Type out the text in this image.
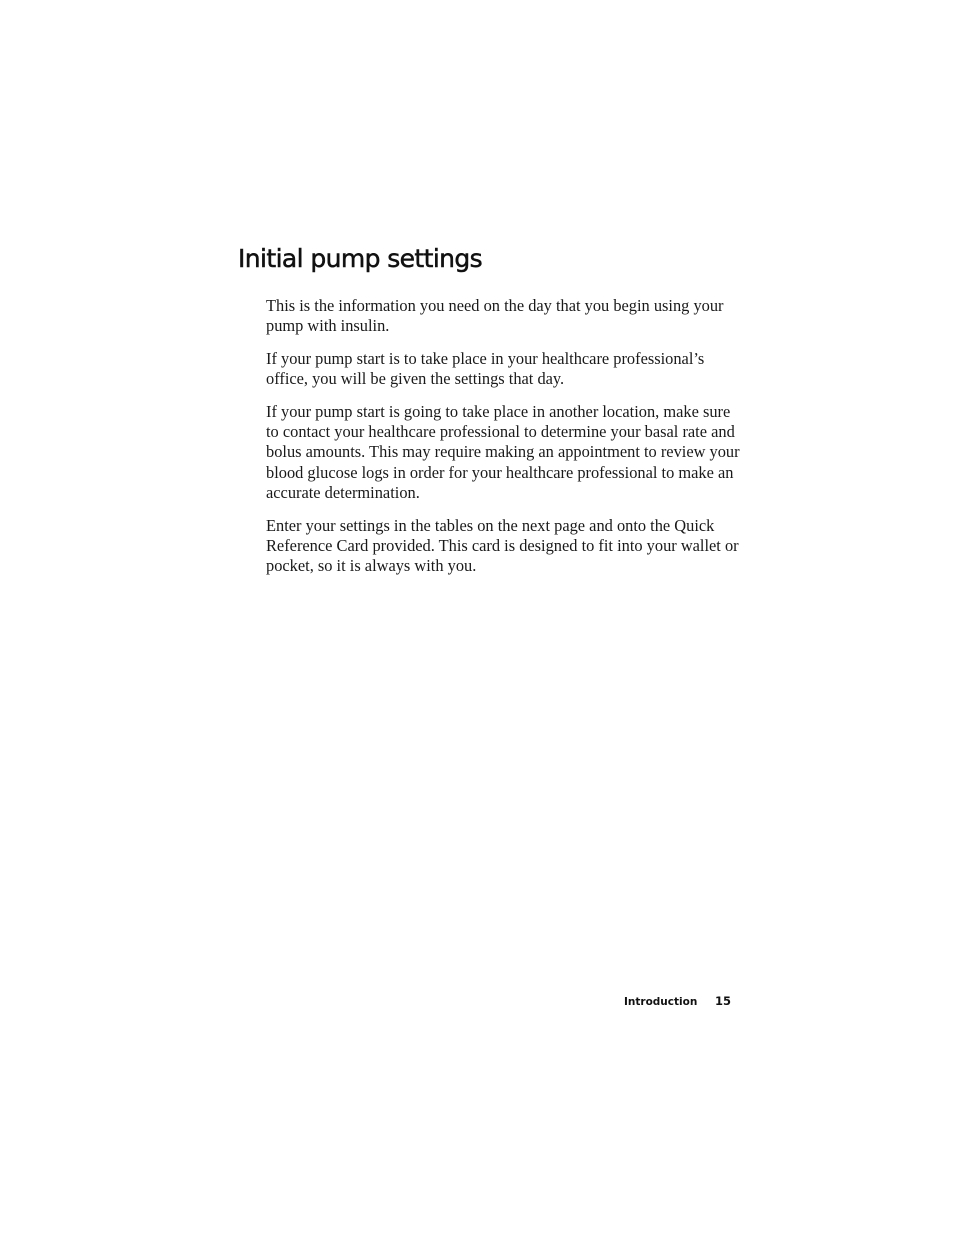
Initial pump settings

This is the information you need on the day that you begin using your pump with insulin.

If your pump start is to take place in your healthcare professional’s office, you will be given the settings that day.

If your pump start is going to take place in another location, make sure to contact your healthcare professional to determine your basal rate and bolus amounts. This may require making an appointment to review your blood glucose logs in order for your healthcare professional to make an accurate determination.

Enter your settings in the tables on the next page and onto the Quick Reference Card provided. This card is designed to fit into your wallet or pocket, so it is always with you.

Introduction 15
